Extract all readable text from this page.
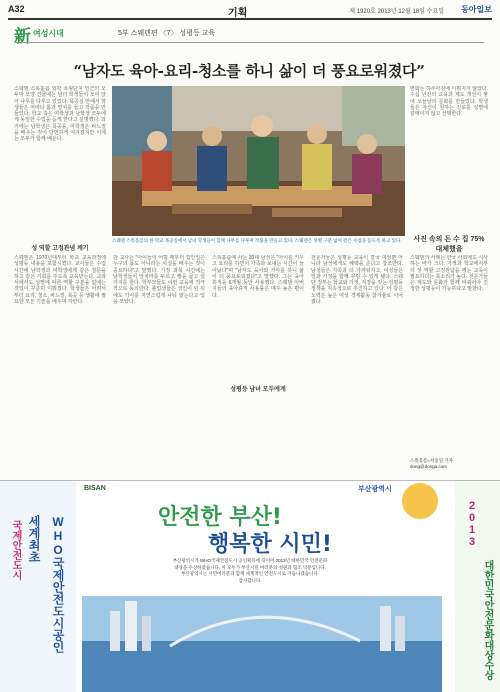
A32	기획	제 1920호 2013년 12월 18일 수요일 동아일보
新 여성시대	5부 스웨덴편 〈7〉 성평등 교육
“남자도 육아-요리-청소를 하니 삶이 더 풍요로워졌다”

스웨덴 스톡홀름 외곽 쇼핑단지 인근의 오두막 모양 건물에는 남녀 학생들이 모여 앉아 나무를 다루고 있었다. 목공실 안에서 학생들은 저마다 톱과 망치를 들고 작품을 만들었다. 학교 측은 여학생과 남학생 모두에게 동일한 수업을 듣게 한다고 설명했다. 과거에는 남학생은 목공을, 여학생은 바느질을 배우는 것이 당연하게 여겨졌지만 이제는 모두가 함께 배운다.

성 역할 고정관념 깨기

스웨덴은 1970년대부터 학교 교육과정에 성평등 내용을 포함시켰다. 교사들은 수업 시간에 남학생과 여학생에게 같은 질문을 하고 같은 기회를 주도록 교육받는다. 교과서에서도 성별에 따른 역할 구분을 없애는 작업이 꾸준히 이뤄졌다. 학생들은 어려서부터 요리, 청소, 바느질, 목공 등 생활에 필요한 모든 기술을 배우며 자란다.

한 교사는 "아이들이 어릴 때부터 집안일은 누구의 몫도 아니라는 사실을 배우는 것이 중요하다"고 말했다. 가정 과목 시간에는 남학생들이 앞치마를 두르고 빵을 굽고 설거지를 한다. 학부모들도 이런 교육에 적극적으로 동의한다. 졸업생들은 성인이 된 뒤에도 가사를 자연스럽게 나눠 맡는다고 입을 모았다.

스톡홀름에 사는 30대 남성은 "아이를 키우고 요리를 하면서 가족과 보내는 시간이 늘어났다"며 "남자도 육아와 가사를 하니 삶이 더 풍요로워졌다"고 말했다. 그는 육아휴직을 6개월 동안 사용했다. 스웨덴 아버지들의 육아휴직 사용률은 매우 높은 편이다.

성평등 남녀 모두에게

전문가들은 성평등 교육이 결국 여성뿐 아니라 남성에게도 혜택을 준다고 강조한다. 남성들은 가족과 더 가까워지고, 여성들은 일과 가정을 함께 꾸릴 수 있게 됐다. 스웨덴 정부는 학교와 가정, 직장을 잇는 성평등 정책을 지속적으로 추진하고 있다. 이 같은 노력은 높은 여성 경제활동 참가율로 이어졌다.

변화는 하루아침에 이뤄지지 않았다. 수십 년간의 교육과 제도 개선이 쌓여 오늘날의 문화를 만들었다. 학생들은 자신이 원하는 진로를 성별에 얽매이지 않고 선택한다.

사진 속의 돈 수 집 75% 대체했을

스웨덴의 사례는 한국 사회에도 시사하는 바가 크다. 가정과 학교에서부터 성 역할 고정관념을 깨는 교육이 필요하다는 목소리가 높다. 전문가들은 제도와 문화가 함께 바뀌어야 진정한 성평등이 가능하다고 말한다.

스톡홀름=서동일 기자 dong@donga.com
스웨덴 스톡홀름의 한 학교 목공실에서 남녀 학생들이 함께 나무를 다루며 작품을 만들고 있다. 스웨덴은 성별 구분 없이 같은 수업을 듣도록 하고 있다.
BISAN	부산광역시
국제안전도시 세계최초 WHO국제안전도시공인	안전한 부산!
행복한 시민!

부산광역시가 WHO국제안전도시 공인획득에 뒤이어 2013년 대한민국 안전문화

대상을 수상하였습니다. 이 모두가 부산시민 여러분의 성원과 협조 덕분입니다.

부산광역시는 시민여러분과 함께 세계적인 안전도시로 거듭나겠습니다.

감사합니다.

2013
대한민국안전문화대상수상
